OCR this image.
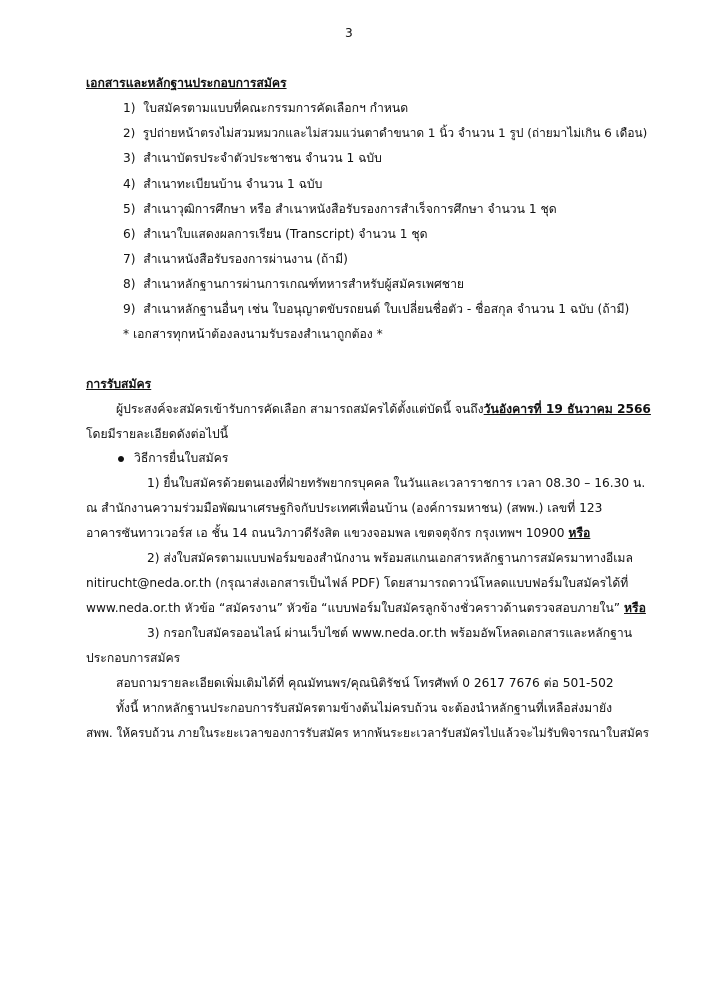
3
เอกสารและหลักฐานประกอบการสมัคร
1) ใบสมัครตามแบบที่คณะกรรมการคัดเลือกฯ กำหนด
2) รูปถ่ายหน้าตรงไม่สวมหมวกและไม่สวมแว่นตาดำขนาด 1 นิ้ว จำนวน 1 รูป (ถ่ายมาไม่เกิน 6 เดือน)
3) สำเนาบัตรประจำตัวประชาชน จำนวน 1 ฉบับ
4) สำเนาทะเบียนบ้าน จำนวน 1 ฉบับ
5) สำเนาวุฒิการศึกษา หรือ สำเนาหนังสือรับรองการสำเร็จการศึกษา จำนวน 1 ชุด
6) สำเนาใบแสดงผลการเรียน (Transcript) จำนวน 1 ชุด
7) สำเนาหนังสือรับรองการผ่านงาน (ถ้ามี)
8) สำเนาหลักฐานการผ่านการเกณฑ์ทหารสำหรับผู้สมัครเพศชาย
9) สำเนาหลักฐานอื่นๆ เช่น ใบอนุญาตขับรถยนต์ ใบเปลี่ยนชื่อตัว - ชื่อสกุล จำนวน 1 ฉบับ (ถ้ามี)
* เอกสารทุกหน้าต้องลงนามรับรองสำเนาถูกต้อง *
การรับสมัคร
ผู้ประสงค์จะสมัครเข้ารับการคัดเลือก สามารถสมัครได้ตั้งแต่บัดนี้ จนถึงวันอังคารที่ 19 ธันวาคม 2566
โดยมีรายละเอียดดังต่อไปนี้
วิธีการยื่นใบสมัคร
1) ยื่นใบสมัครด้วยตนเองที่ฝ่ายทรัพยากรบุคคล ในวันและเวลาราชการ เวลา 08.30 – 16.30 น.
ณ สำนักงานความร่วมมือพัฒนาเศรษฐกิจกับประเทศเพื่อนบ้าน (องค์การมหาชน) (สพพ.) เลขที่ 123
อาคารซันทาวเวอร์ส เอ ชั้น 14 ถนนวิภาวดีรังสิต แขวงจอมพล เขตจตุจักร กรุงเทพฯ 10900 หรือ
2) ส่งใบสมัครตามแบบฟอร์มของสำนักงาน พร้อมสแกนเอกสารหลักฐานการสมัครมาทางอีเมล
nitiruсht@neda.or.th (กรุณาส่งเอกสารเป็นไฟล์ PDF) โดยสามารถดาวน์โหลดแบบฟอร์มใบสมัครได้ที่
www.neda.or.th หัวข้อ “สมัครงาน” หัวข้อ “แบบฟอร์มใบสมัครลูกจ้างชั่วคราวด้านตรวจสอบภายใน” หรือ
3) กรอกใบสมัครออนไลน์ ผ่านเว็บไซต์ www.neda.or.th พร้อมอัพโหลดเอกสารและหลักฐาน
ประกอบการสมัคร
สอบถามรายละเอียดเพิ่มเติมได้ที่ คุณมัทนพร/คุณนิติรัชน์ โทรศัพท์ 0 2617 7676 ต่อ 501-502
ทั้งนี้ หากหลักฐานประกอบการรับสมัครตามข้างต้นไม่ครบถ้วน จะต้องนำหลักฐานที่เหลือส่งมายัง
สพพ. ให้ครบถ้วน ภายในระยะเวลาของการรับสมัคร หากพ้นระยะเวลารับสมัครไปแล้วจะไม่รับพิจารณาใบสมัคร
